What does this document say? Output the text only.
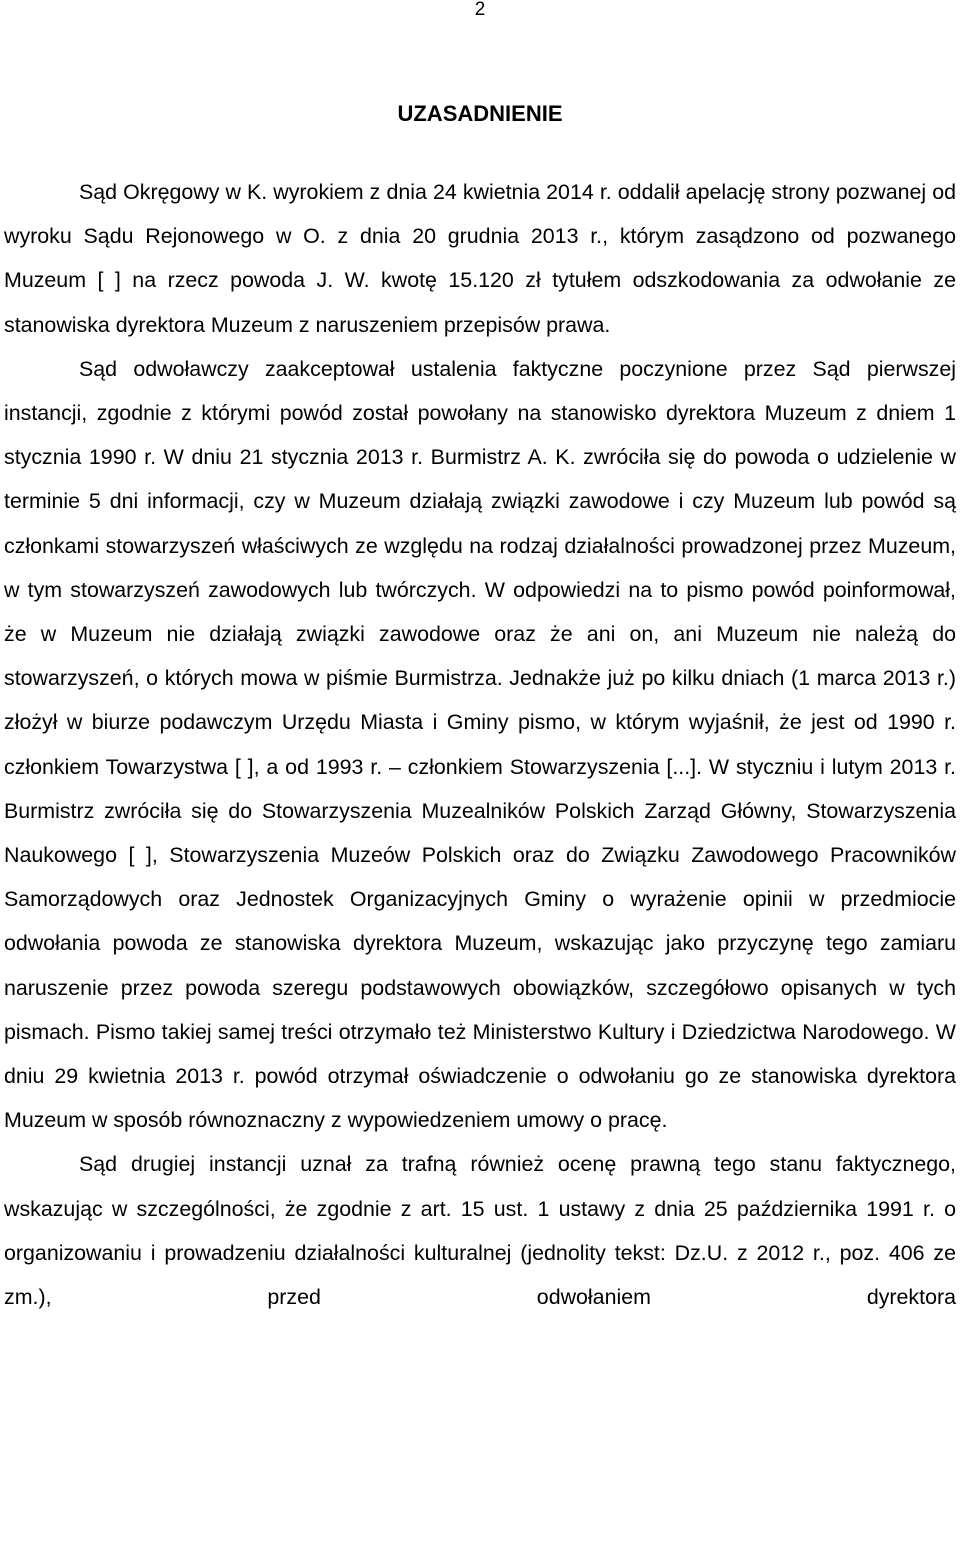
2
UZASADNIENIE

Sąd Okręgowy w K. wyrokiem z dnia 24 kwietnia 2014 r. oddalił apelację strony pozwanej od wyroku Sądu Rejonowego w O. z dnia 20 grudnia 2013 r., którym zasądzono od pozwanego Muzeum [ ] na rzecz powoda J. W. kwotę 15.120 zł tytułem odszkodowania za odwołanie ze stanowiska dyrektora Muzeum z naruszeniem przepisów prawa.

Sąd odwoławczy zaakceptował ustalenia faktyczne poczynione przez Sąd pierwszej instancji, zgodnie z którymi powód został powołany na stanowisko dyrektora Muzeum z dniem 1 stycznia 1990 r. W dniu 21 stycznia 2013 r. Burmistrz A. K. zwróciła się do powoda o udzielenie w terminie 5 dni informacji, czy w Muzeum działają związki zawodowe i czy Muzeum lub powód są członkami stowarzyszeń właściwych ze względu na rodzaj działalności prowadzonej przez Muzeum, w tym stowarzyszeń zawodowych lub twórczych. W odpowiedzi na to pismo powód poinformował, że w Muzeum nie działają związki zawodowe oraz że ani on, ani Muzeum nie należą do stowarzyszeń, o których mowa w piśmie Burmistrza. Jednakże już po kilku dniach (1 marca 2013 r.) złożył w biurze podawczym Urzędu Miasta i Gminy pismo, w którym wyjaśnił, że jest od 1990 r. członkiem Towarzystwa [ ], a od 1993 r. – członkiem Stowarzyszenia [...]. W styczniu i lutym 2013 r. Burmistrz zwróciła się do Stowarzyszenia Muzealników Polskich Zarząd Główny, Stowarzyszenia Naukowego [ ], Stowarzyszenia Muzeów Polskich oraz do Związku Zawodowego Pracowników Samorządowych oraz Jednostek Organizacyjnych Gminy o wyrażenie opinii w przedmiocie odwołania powoda ze stanowiska dyrektora Muzeum, wskazując jako przyczynę tego zamiaru naruszenie przez powoda szeregu podstawowych obowiązków, szczegółowo opisanych w tych pismach. Pismo takiej samej treści otrzymało też Ministerstwo Kultury i Dziedzictwa Narodowego. W dniu 29 kwietnia 2013 r. powód otrzymał oświadczenie o odwołaniu go ze stanowiska dyrektora Muzeum w sposób równoznaczny z wypowiedzeniem umowy o pracę.

Sąd drugiej instancji uznał za trafną również ocenę prawną tego stanu faktycznego, wskazując w szczególności, że zgodnie z art. 15 ust. 1 ustawy z dnia 25 października 1991 r. o organizowaniu i prowadzeniu działalności kulturalnej (jednolity tekst: Dz.U. z 2012 r., poz. 406 ze zm.), przed odwołaniem dyrektora
